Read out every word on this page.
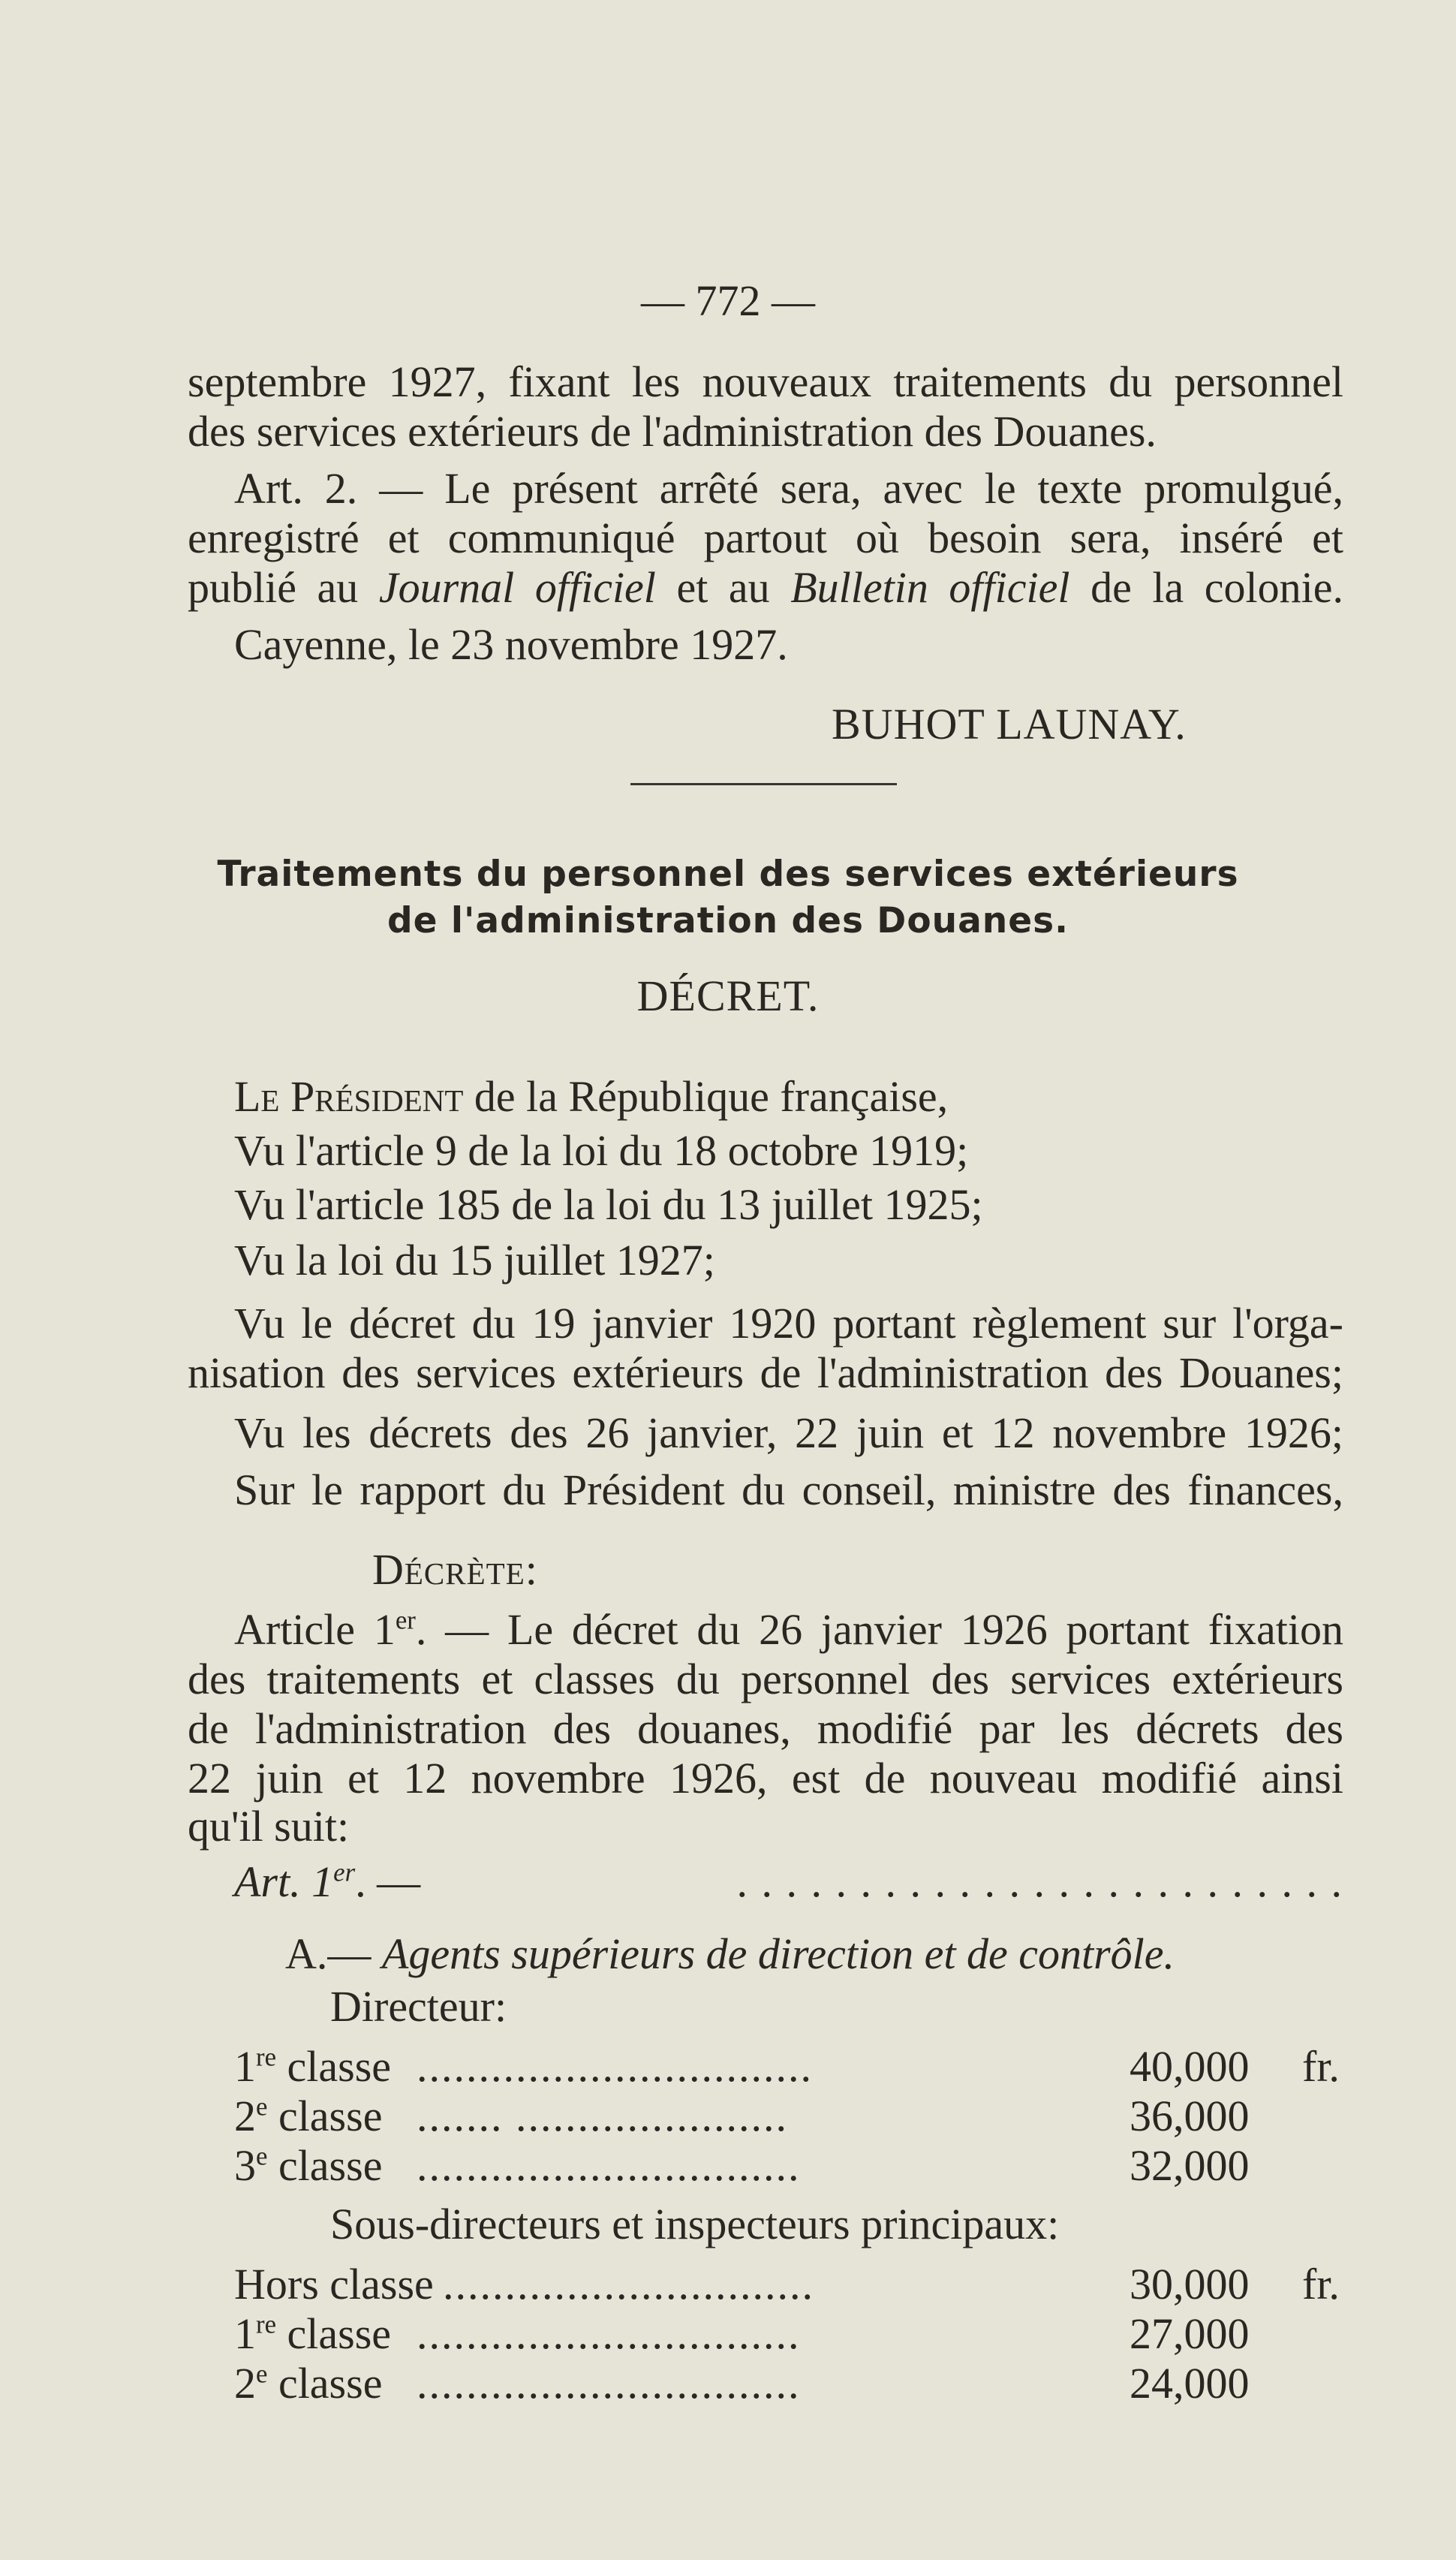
— 772 —
septembre 1927, fixant les nouveaux traitements du personnel
des services extérieurs de l'administration des Douanes.
Art. 2. — Le présent arrêté sera, avec le texte promulgué,
enregistré et communiqué partout où besoin sera, inséré et
publié au Journal officiel et au Bulletin officiel de la colonie.
Cayenne, le 23 novembre 1927.
BUHOT LAUNAY.
Traitements du personnel des services extérieurs
de l'administration des Douanes.
DÉCRET.
Le Président de la République française,
Vu l'article 9 de la loi du 18 octobre 1919;
Vu l'article 185 de la loi du 13 juillet 1925;
Vu la loi du 15 juillet 1927;
Vu le décret du 19 janvier 1920 portant règlement sur l'orga-
nisation des services extérieurs de l'administration des Douanes;
Vu les décrets des 26 janvier, 22 juin et 12 novembre 1926;
Sur le rapport du Président du conseil, ministre des finances,
Décrète:
Article 1er. — Le décret du 26 janvier 1926 portant fixation
des traitements et classes du personnel des services extérieurs
de l'administration des douanes, modifié par les décrets des
22 juin et 12 novembre 1926, est de nouveau modifié ainsi
qu'il suit:
Art. 1er. —	. . . . . . . . . . . . . . . . . . . . . . . . .
A.— Agents supérieurs de direction et de contrôle.
Directeur:
1re classe ................................	40,000 fr.
2e classe ....... ......................	36,000
3e classe ...............................	32,000
Sous-directeurs et inspecteurs principaux:
Hors classe ..............................	30,000 fr.
1re classe ...............................	27,000
2e classe ...............................	24,000
